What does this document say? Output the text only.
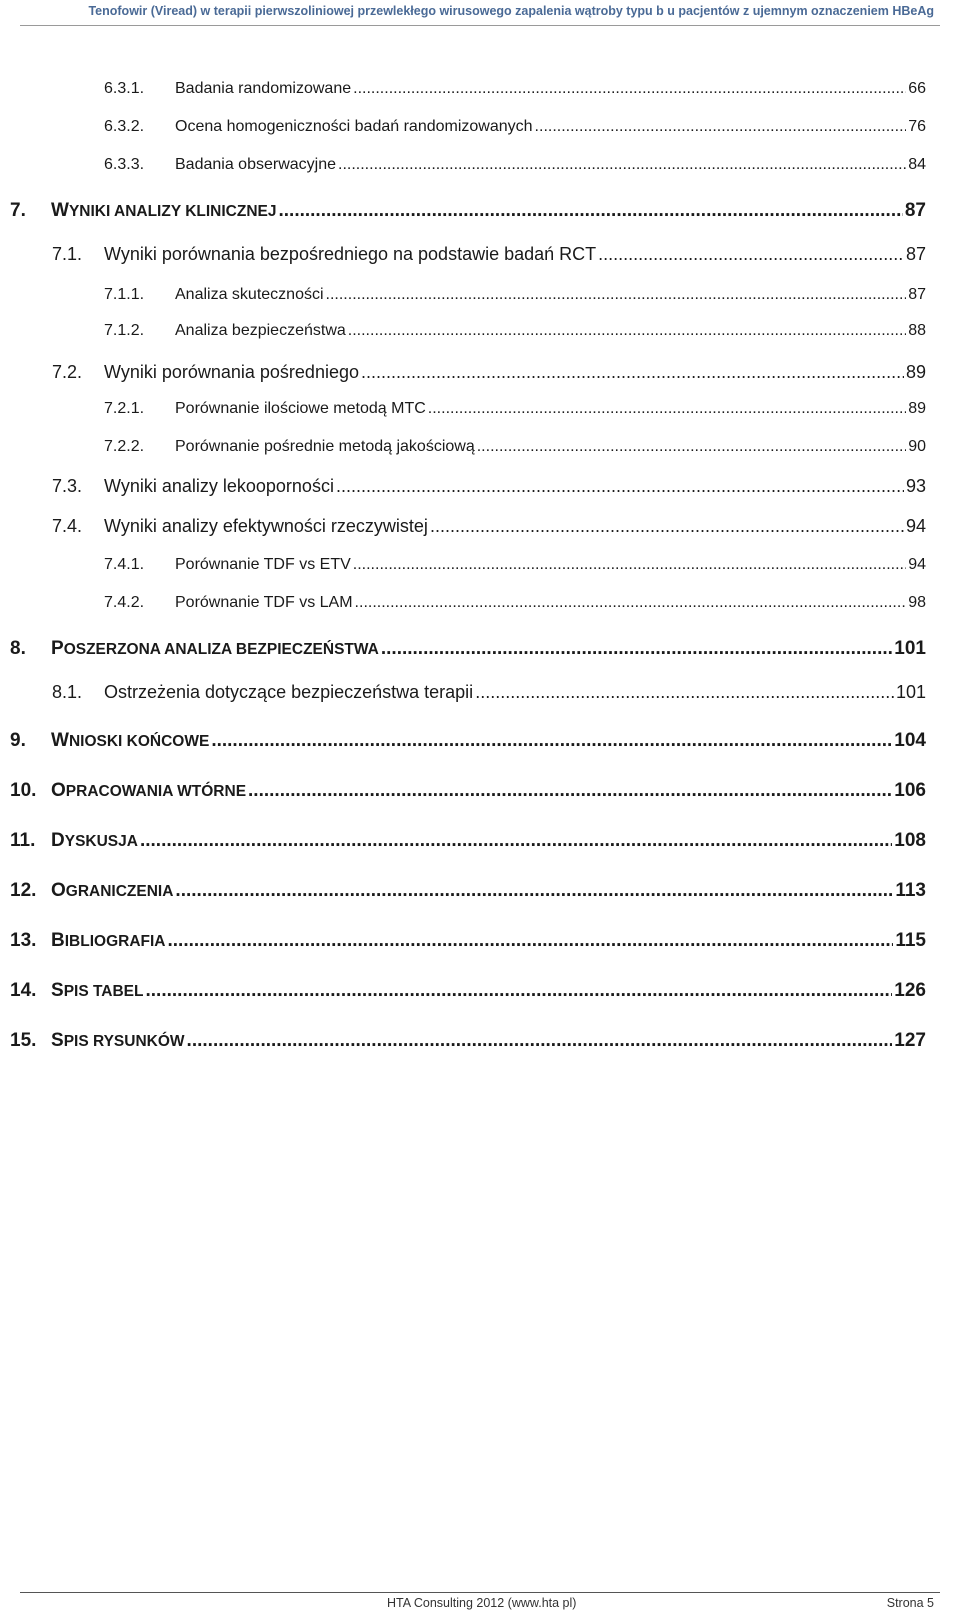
Tenofowir (Viread) w terapii pierwszoliniowej przewlekłego wirusowego zapalenia wątroby typu b u pacjentów z ujemnym oznaczeniem HBeAg
6.3.1.	Badania randomizowane .....	66
6.3.2.	Ocena homogeniczności badań randomizowanych .....	76
6.3.3.	Badania obserwacyjne .....	84
7.	WYNIKI ANALIZY KLINICZNEJ .....	87
7.1.	Wyniki porównania bezpośredniego na podstawie badań RCT .....	87
7.1.1.	Analiza skuteczności .....	87
7.1.2.	Analiza bezpieczeństwa .....	88
7.2.	Wyniki porównania pośredniego .....	89
7.2.1.	Porównanie ilościowe metodą MTC .....	89
7.2.2.	Porównanie pośrednie metodą jakościową .....	90
7.3.	Wyniki analizy lekooporności .....	93
7.4.	Wyniki analizy efektywności rzeczywistej .....	94
7.4.1.	Porównanie TDF vs ETV .....	94
7.4.2.	Porównanie TDF vs LAM .....	98
8.	POSZERZONA ANALIZA BEZPIECZEŃSTWA .....	101
8.1.	Ostrzeżenia dotyczące bezpieczeństwa terapii .....	101
9.	WNIOSKI KOŃCOWE .....	104
10. OPRACOWANIA WTÓRNE .....	106
11. DYSKUSJA .....	108
12. OGRANICZENIA .....	113
13. BIBLIOGRAFIA .....	115
14. SPIS TABEL .....	126
15. SPIS RYSUNKÓW .....	127
HTA Consulting 2012 (www.hta pl)	Strona 5
